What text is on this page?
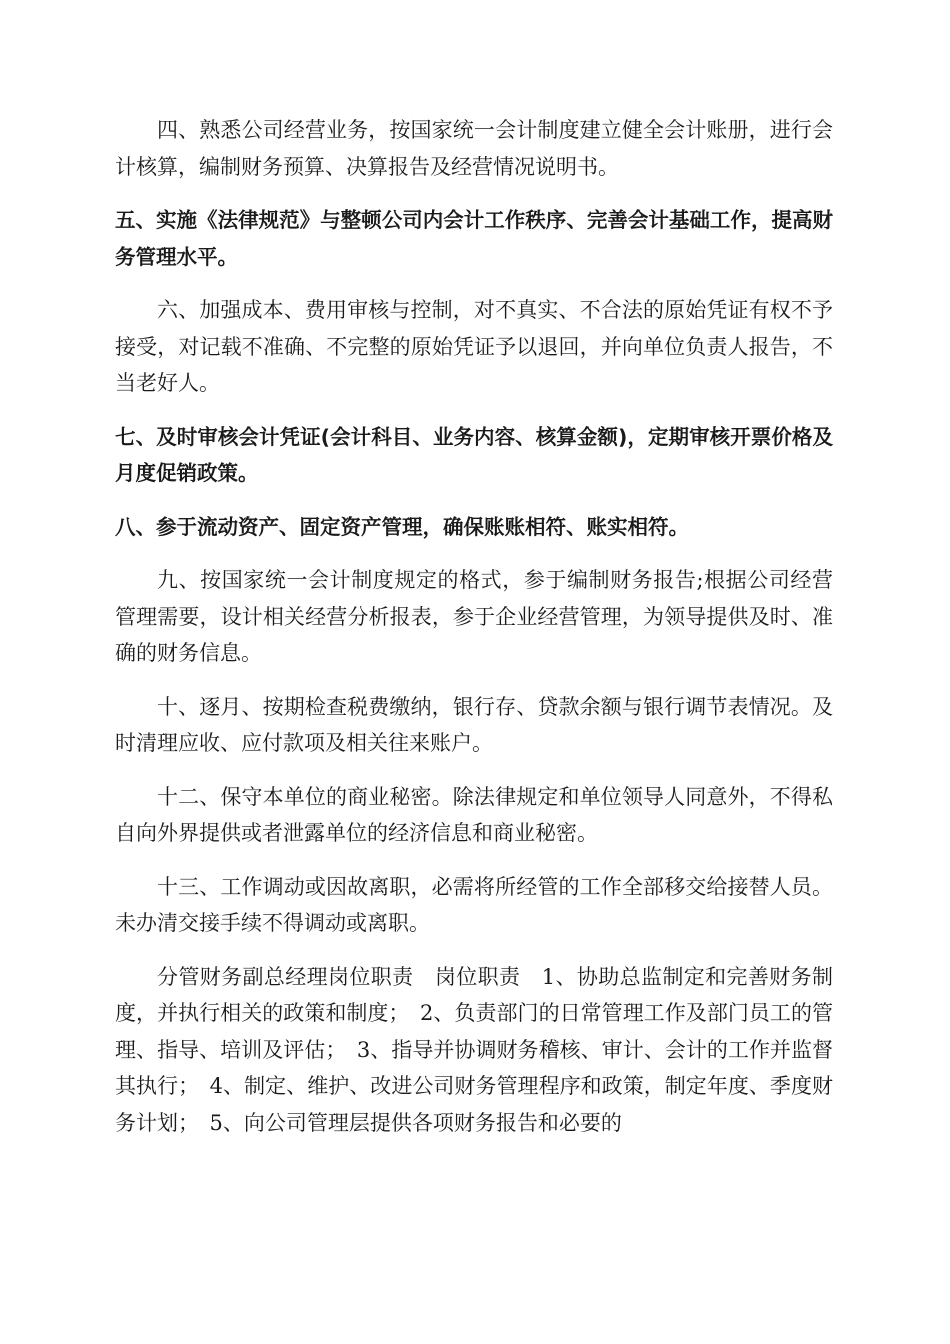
四、熟悉公司经营业务，按国家统一会计制度建立健全会计账册，进行会计核算，编制财务预算、决算报告及经营情况说明书。

五、实施《法律规范》与整顿公司内会计工作秩序、完善会计基础工作，提高财务管理水平。

六、加强成本、费用审核与控制，对不真实、不合法的原始凭证有权不予接受，对记载不准确、不完整的原始凭证予以退回，并向单位负责人报告，不当老好人。

七、及时审核会计凭证(会计科目、业务内容、核算金额)，定期审核开票价格及月度促销政策。

八、参于流动资产、固定资产管理，确保账账相符、账实相符。

九、按国家统一会计制度规定的格式，参于编制财务报告;根据公司经营管理需要，设计相关经营分析报表，参于企业经营管理，为领导提供及时、准确的财务信息。

十、逐月、按期检查税费缴纳，银行存、贷款余额与银行调节表情况。及时清理应收、应付款项及相关往来账户。

十二、保守本单位的商业秘密。除法律规定和单位领导人同意外，不得私自向外界提供或者泄露单位的经济信息和商业秘密。

十三、工作调动或因故离职，必需将所经管的工作全部移交给接替人员。未办清交接手续不得调动或离职。

分管财务副总经理岗位职责　岗位职责　1、协助总监制定和完善财务制度，并执行相关的政策和制度；　2、负责部门的日常管理工作及部门员工的管理、指导、培训及评估；　3、指导并协调财务稽核、审计、会计的工作并监督其执行；　4、制定、维护、改进公司财务管理程序和政策，制定年度、季度财务计划；　5、向公司管理层提供各项财务报告和必要的
